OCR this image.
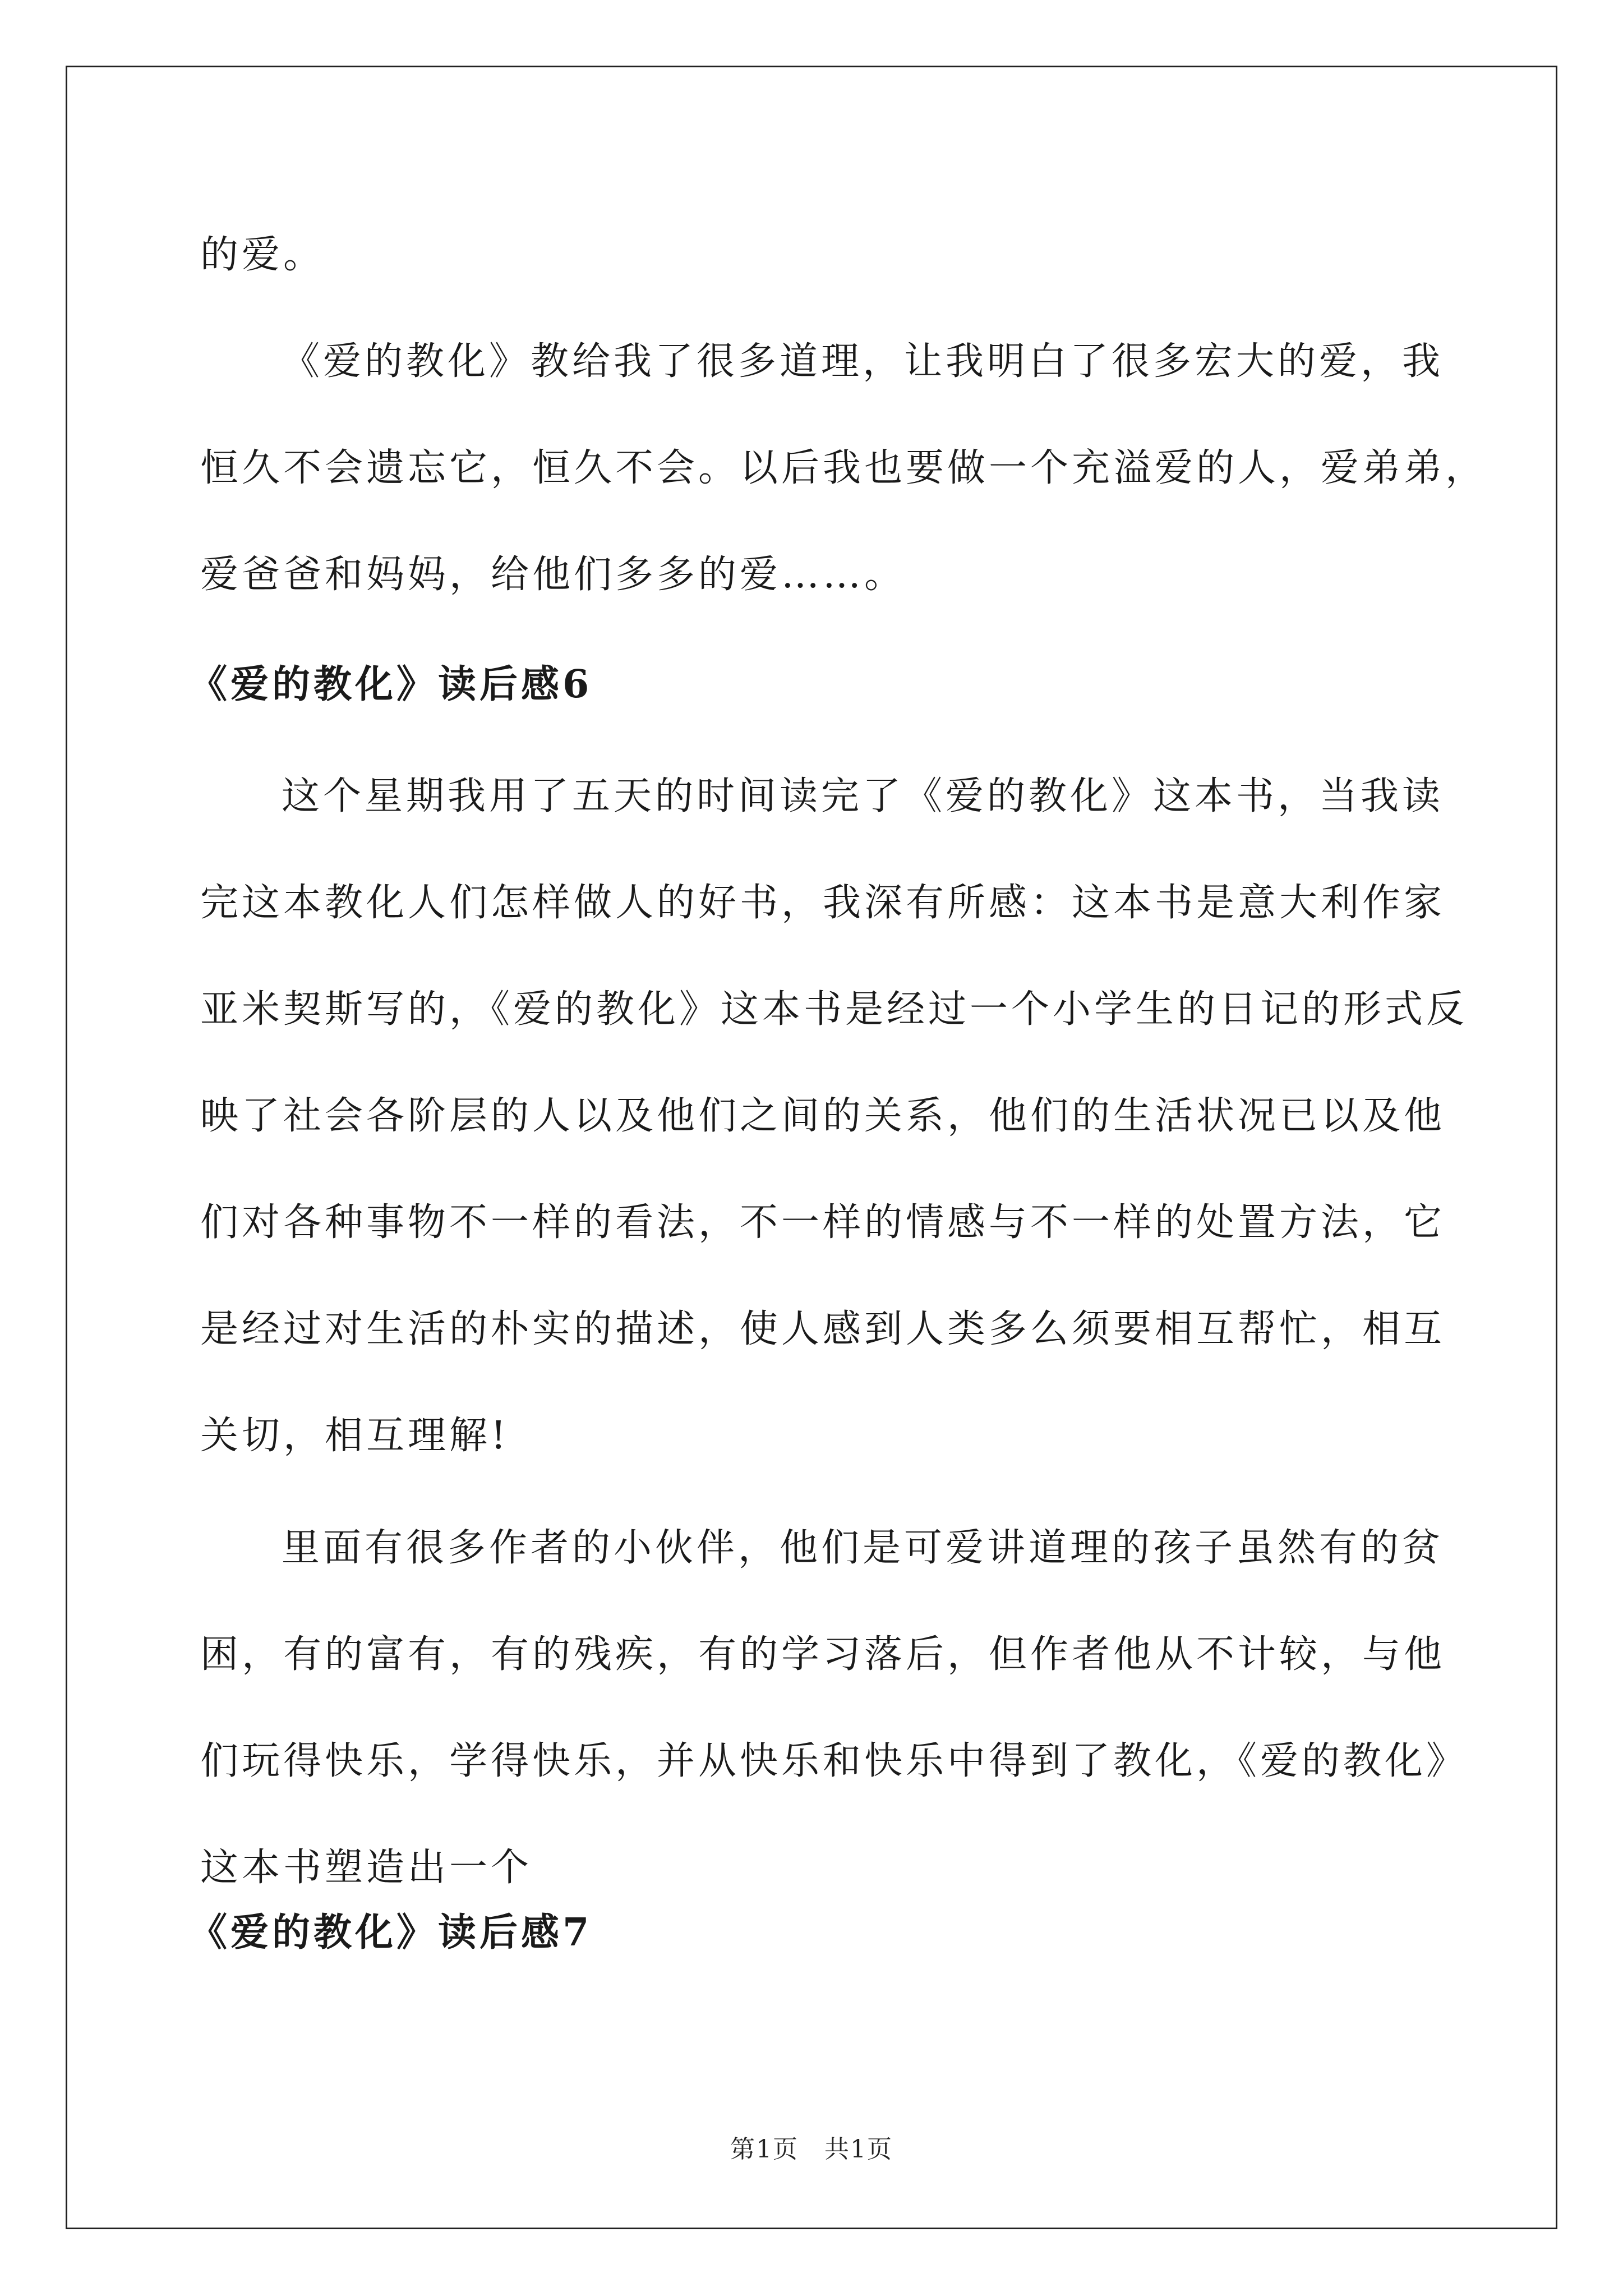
的爱。

《爱的教化》教给我了很多道理，让我明白了很多宏大的爱，我
恒久不会遗忘它，恒久不会。以后我也要做一个充溢爱的人，爱弟弟，
爱爸爸和妈妈，给他们多多的爱……。

《爱的教化》读后感6

这个星期我用了五天的时间读完了《爱的教化》这本书，当我读
完这本教化人们怎样做人的好书，我深有所感：这本书是意大利作家
亚米契斯写的，《爱的教化》这本书是经过一个小学生的日记的形式反
映了社会各阶层的人以及他们之间的关系，他们的生活状况已以及他
们对各种事物不一样的看法，不一样的情感与不一样的处置方法，它
是经过对生活的朴实的描述，使人感到人类多么须要相互帮忙，相互
关切，相互理解!

里面有很多作者的小伙伴，他们是可爱讲道理的孩子虽然有的贫
困，有的富有，有的残疾，有的学习落后，但作者他从不计较，与他
们玩得快乐，学得快乐，并从快乐和快乐中得到了教化，《爱的教化》
这本书塑造出一个

《爱的教化》读后感7
第1页　共1页
